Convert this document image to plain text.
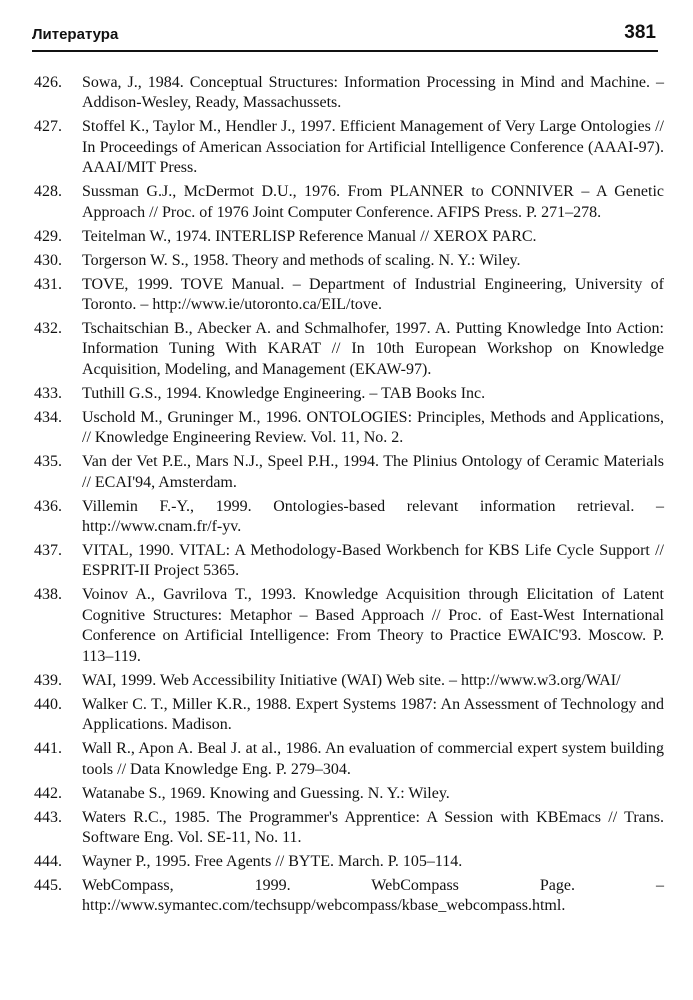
Литература	381
426.	Sowa, J., 1984. Conceptual Structures: Information Processing in Mind and Machine. – Addison-Wesley, Ready, Massachussets.
427.	Stoffel K., Taylor M., Hendler J., 1997. Efficient Management of Very Large Ontologies // In Proceedings of American Association for Artificial Intelligence Conference (AAAI-97). AAAI/MIT Press.
428.	Sussman G.J., McDermot D.U., 1976. From PLANNER to CONNIVER – A Genetic Approach // Proc. of 1976 Joint Computer Conference. AFIPS Press. P. 271–278.
429.	Teitelman W., 1974. INTERLISP Reference Manual // XEROX PARC.
430.	Torgerson W. S., 1958. Theory and methods of scaling. N. Y.: Wiley.
431.	TOVE, 1999. TOVE Manual. – Department of Industrial Engineering, University of Toronto. – http://www.ie/utoronto.ca/EIL/tove.
432.	Tschaitschian B., Abecker A. and Schmalhofer, 1997. A. Putting Knowledge Into Action: Information Tuning With KARAT // In 10th European Workshop on Knowledge Acquisition, Modeling, and Management (EKAW-97).
433.	Tuthill G.S., 1994. Knowledge Engineering. – TAB Books Inc.
434.	Uschold M., Gruninger M., 1996. ONTOLOGIES: Principles, Methods and Applications, // Knowledge Engineering Review. Vol. 11, No. 2.
435.	Van der Vet P.E., Mars N.J., Speel P.H., 1994. The Plinius Ontology of Ceramic Materials // ECAI'94, Amsterdam.
436.	Villemin F.-Y., 1999. Ontologies-based relevant information retrieval. – http://www.cnam.fr/f-yv.
437.	VITAL, 1990. VITAL: A Methodology-Based Workbench for KBS Life Cycle Support // ESPRIT-II Project 5365.
438.	Voinov A., Gavrilova T., 1993. Knowledge Acquisition through Elicitation of Latent Cognitive Structures: Metaphor – Based Approach // Proc. of East-West International Conference on Artificial Intelligence: From Theory to Practice EWAIC'93. Moscow. P. 113–119.
439.	WAI, 1999. Web Accessibility Initiative (WAI) Web site. – http://www.w3.org/WAI/
440.	Walker C. T., Miller K.R., 1988. Expert Systems 1987: An Assessment of Technology and Applications. Madison.
441.	Wall R., Apon A. Beal J. at al., 1986. An evaluation of commercial expert system building tools // Data Knowledge Eng. P. 279–304.
442.	Watanabe S., 1969. Knowing and Guessing. N. Y.: Wiley.
443.	Waters R.C., 1985. The Programmer's Apprentice: A Session with KBEmacs // Trans. Software Eng. Vol. SE-11, No. 11.
444.	Wayner P., 1995. Free Agents // BYTE. March. P. 105–114.
445.	WebCompass, 1999. WebCompass Page. – http://www.symantec.com/techsupp/webcompass/kbase_webcompass.html.
